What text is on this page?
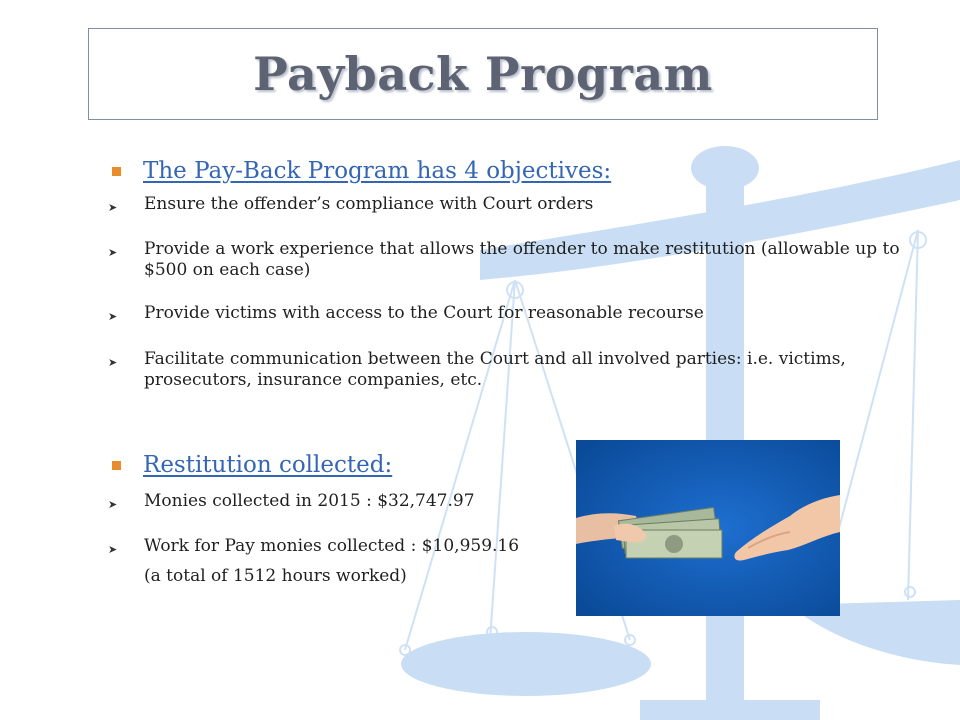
Payback Program
The Pay-Back Program has 4 objectives:
➤	Ensure the offender’s compliance with Court orders
➤	Provide a work experience that allows the offender to make restitution (allowable up to $500 on each case)
➤	Provide victims with access to the Court for reasonable recourse
➤	Facilitate communication between the Court and all involved parties: i.e. victims, prosecutors, insurance companies, etc.
Restitution collected:
➤	Monies collected in 2015 : $32,747.97
➤	Work for Pay monies collected : $10,959.16
(a total of 1512 hours worked)
